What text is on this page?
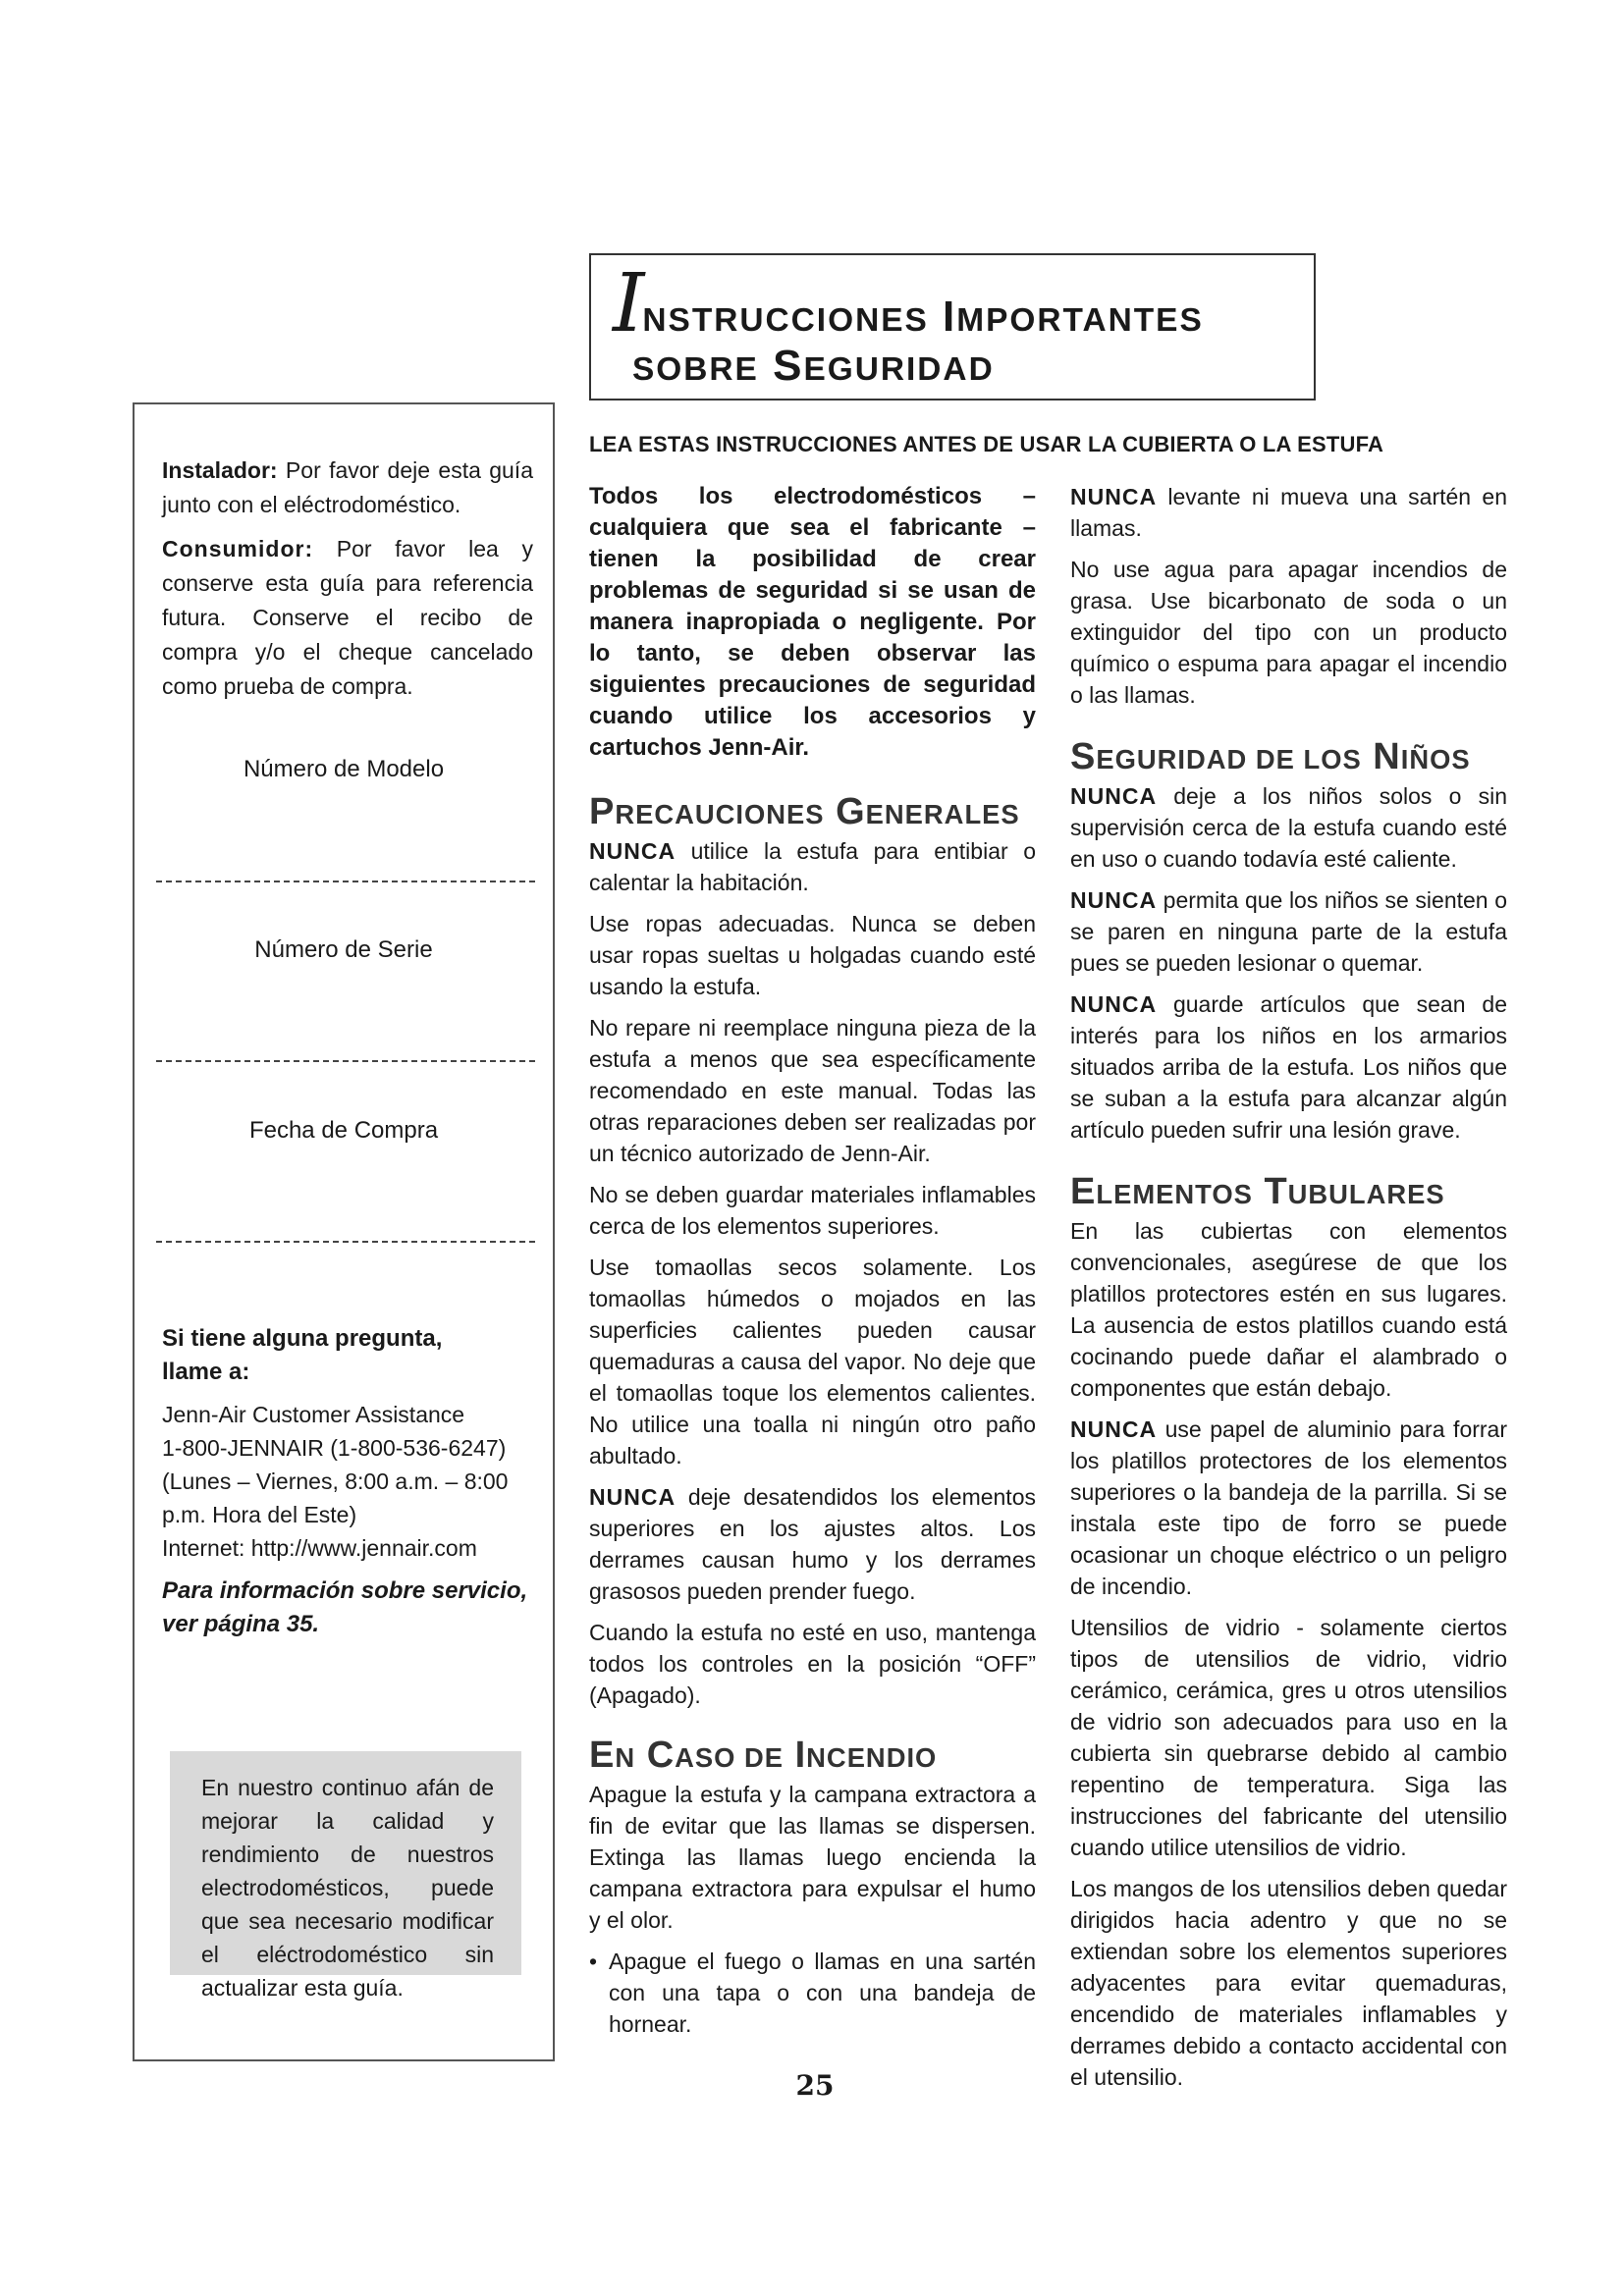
INSTRUCCIONES IMPORTANTES
SOBRE SEGURIDAD
Instalador: Por favor deje esta guía junto con el eléctrodoméstico.
Consumidor: Por favor lea y conserve esta guía para referencia futura. Conserve el recibo de compra y/o el cheque cancelado como prueba de compra.
Número de Modelo
Número de Serie
Fecha de Compra
Si tiene alguna pregunta,
llame a:
Jenn-Air Customer Assistance
1-800-JENNAIR (1-800-536-6247)
(Lunes – Viernes, 8:00 a.m. – 8:00
p.m. Hora del Este)
Internet: http://www.jennair.com
Para información sobre servicio, ver página 35.
En nuestro continuo afán de mejorar la calidad y rendimiento de nuestros electrodomésticos, puede que sea necesario modificar el eléctrodoméstico sin actualizar esta guía.
LEA ESTAS INSTRUCCIONES ANTES DE USAR LA CUBIERTA O LA ESTUFA

Todos los electrodomésticos – cualquiera que sea el fabricante – tienen la posibilidad de crear problemas de seguridad si se usan de manera inapropiada o negligente. Por lo tanto, se deben observar las siguientes precauciones de seguridad cuando utilice los accesorios y cartuchos Jenn-Air.

PRECAUCIONES GENERALES

NUNCA utilice la estufa para entibiar o calentar la habitación.

Use ropas adecuadas. Nunca se deben usar ropas sueltas u holgadas cuando esté usando la estufa.

No repare ni reemplace ninguna pieza de la estufa a menos que sea específicamente recomendado en este manual. Todas las otras reparaciones deben ser realizadas por un técnico autorizado de Jenn-Air.

No se deben guardar materiales inflamables cerca de los elementos superiores.

Use tomaollas secos solamente. Los tomaollas húmedos o mojados en las superficies calientes pueden causar quemaduras a causa del vapor. No deje que el tomaollas toque los elementos calientes. No utilice una toalla ni ningún otro paño abultado.

NUNCA deje desatendidos los elementos superiores en los ajustes altos. Los derrames causan humo y los derrames grasosos pueden prender fuego.

Cuando la estufa no esté en uso, mantenga todos los controles en la posición “OFF” (Apagado).

EN CASO DE INCENDIO

Apague la estufa y la campana extractora a fin de evitar que las llamas se dispersen. Extinga las llamas luego encienda la campana extractora para expulsar el humo y el olor.

• Apague el fuego o llamas en una sartén con una tapa o con una bandeja de hornear.

NUNCA levante ni mueva una sartén en llamas.

No use agua para apagar incendios de grasa. Use bicarbonato de soda o un extinguidor del tipo con un producto químico o espuma para apagar el incendio o las llamas.

SEGURIDAD DE LOS NIÑOS

NUNCA deje a los niños solos o sin supervisión cerca de la estufa cuando esté en uso o cuando todavía esté caliente.

NUNCA permita que los niños se sienten o se paren en ninguna parte de la estufa pues se pueden lesionar o quemar.

NUNCA guarde artículos que sean de interés para los niños en los armarios situados arriba de la estufa. Los niños que se suban a la estufa para alcanzar algún artículo pueden sufrir una lesión grave.

ELEMENTOS TUBULARES

En las cubiertas con elementos convencionales, asegúrese de que los platillos protectores estén en sus lugares. La ausencia de estos platillos cuando está cocinando puede dañar el alambrado o componentes que están debajo.

NUNCA use papel de aluminio para forrar los platillos protectores de los elementos superiores o la bandeja de la parrilla. Si se instala este tipo de forro se puede ocasionar un choque eléctrico o un peligro de incendio.

Utensilios de vidrio - solamente ciertos tipos de utensilios de vidrio, vidrio cerámico, cerámica, gres u otros utensilios de vidrio son adecuados para uso en la cubierta sin quebrarse debido al cambio repentino de temperatura. Siga las instrucciones del fabricante del utensilio cuando utilice utensilios de vidrio.

Los mangos de los utensilios deben quedar dirigidos hacia adentro y que no se extiendan sobre los elementos superiores adyacentes para evitar quemaduras, encendido de materiales inflamables y derrames debido a contacto accidental con el utensilio.

25
